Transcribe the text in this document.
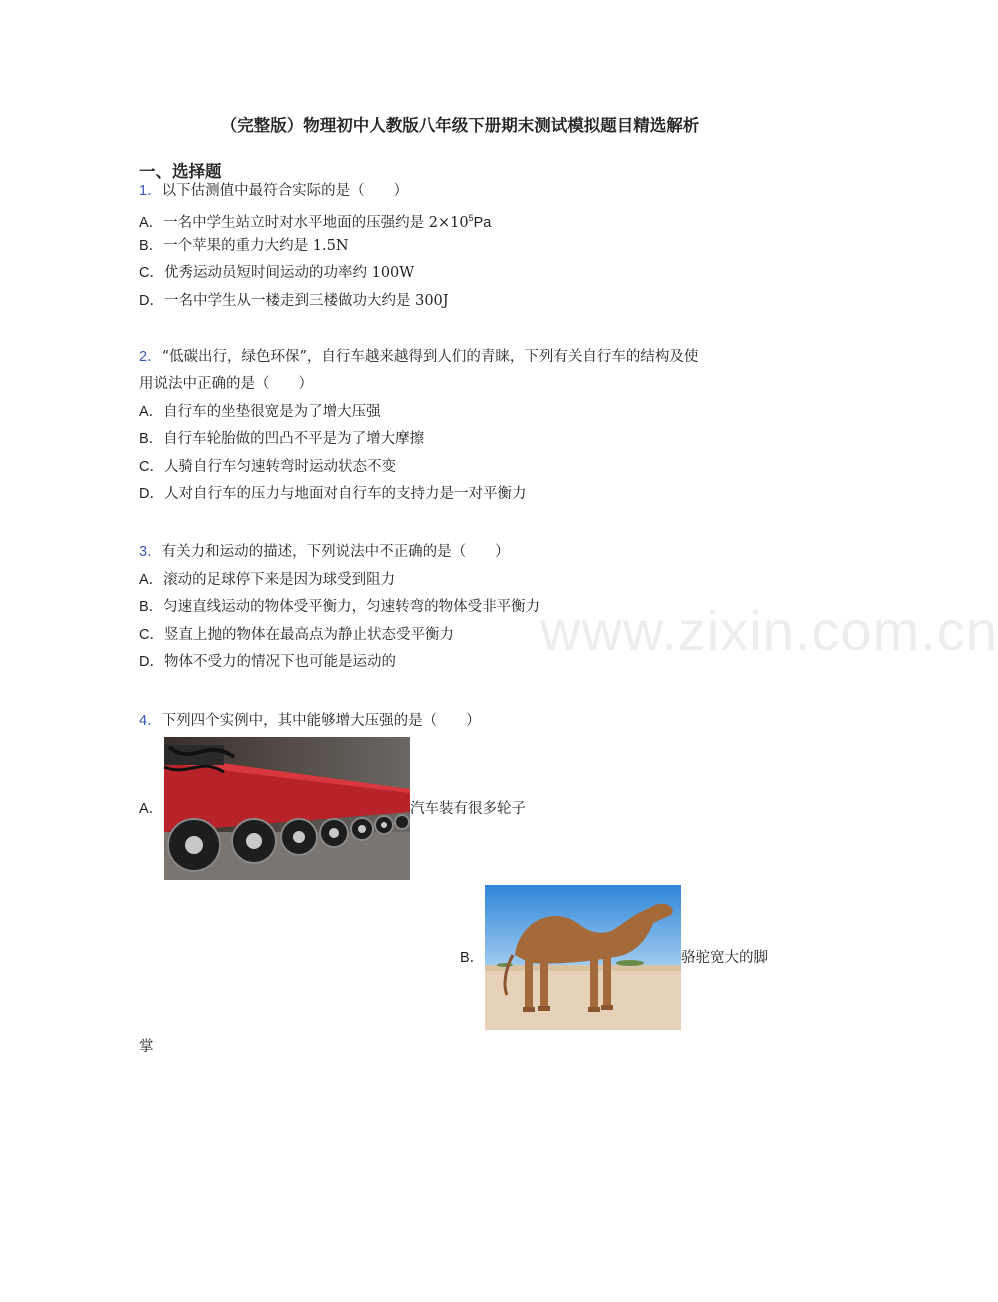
www.zixin.com.cn
（完整版）物理初中人教版八年级下册期末测试模拟题目精选解析
一、选择题
1．以下估测值中最符合实际的是（　　）
A．一名中学生站立时对水平地面的压强约是 $2\times 10^5Pa$
B．一个苹果的重力大约是 1.5N
C．优秀运动员短时间运动的功率约 100W
D．一名中学生从一楼走到三楼做功大约是 300J
2．“低碳出行，绿色环保”，自行车越来越得到人们的青睐，下列有关自行车的结构及使
用说法中正确的是（　　）
A．自行车的坐垫很宽是为了增大压强
B．自行车轮胎做的凹凸不平是为了增大摩擦
C．人骑自行车匀速转弯时运动状态不变
D．人对自行车的压力与地面对自行车的支持力是一对平衡力
3．有关力和运动的描述，下列说法中不正确的是（　　）
A．滚动的足球停下来是因为球受到阻力
B．匀速直线运动的物体受平衡力，匀速转弯的物体受非平衡力
C．竖直上抛的物体在最高点为静止状态受平衡力
D．物体不受力的情况下也可能是运动的
4．下列四个实例中，其中能够增大压强的是（　　）
A．	汽车装有很多轮子
B．	骆驼宽大的脚
掌
